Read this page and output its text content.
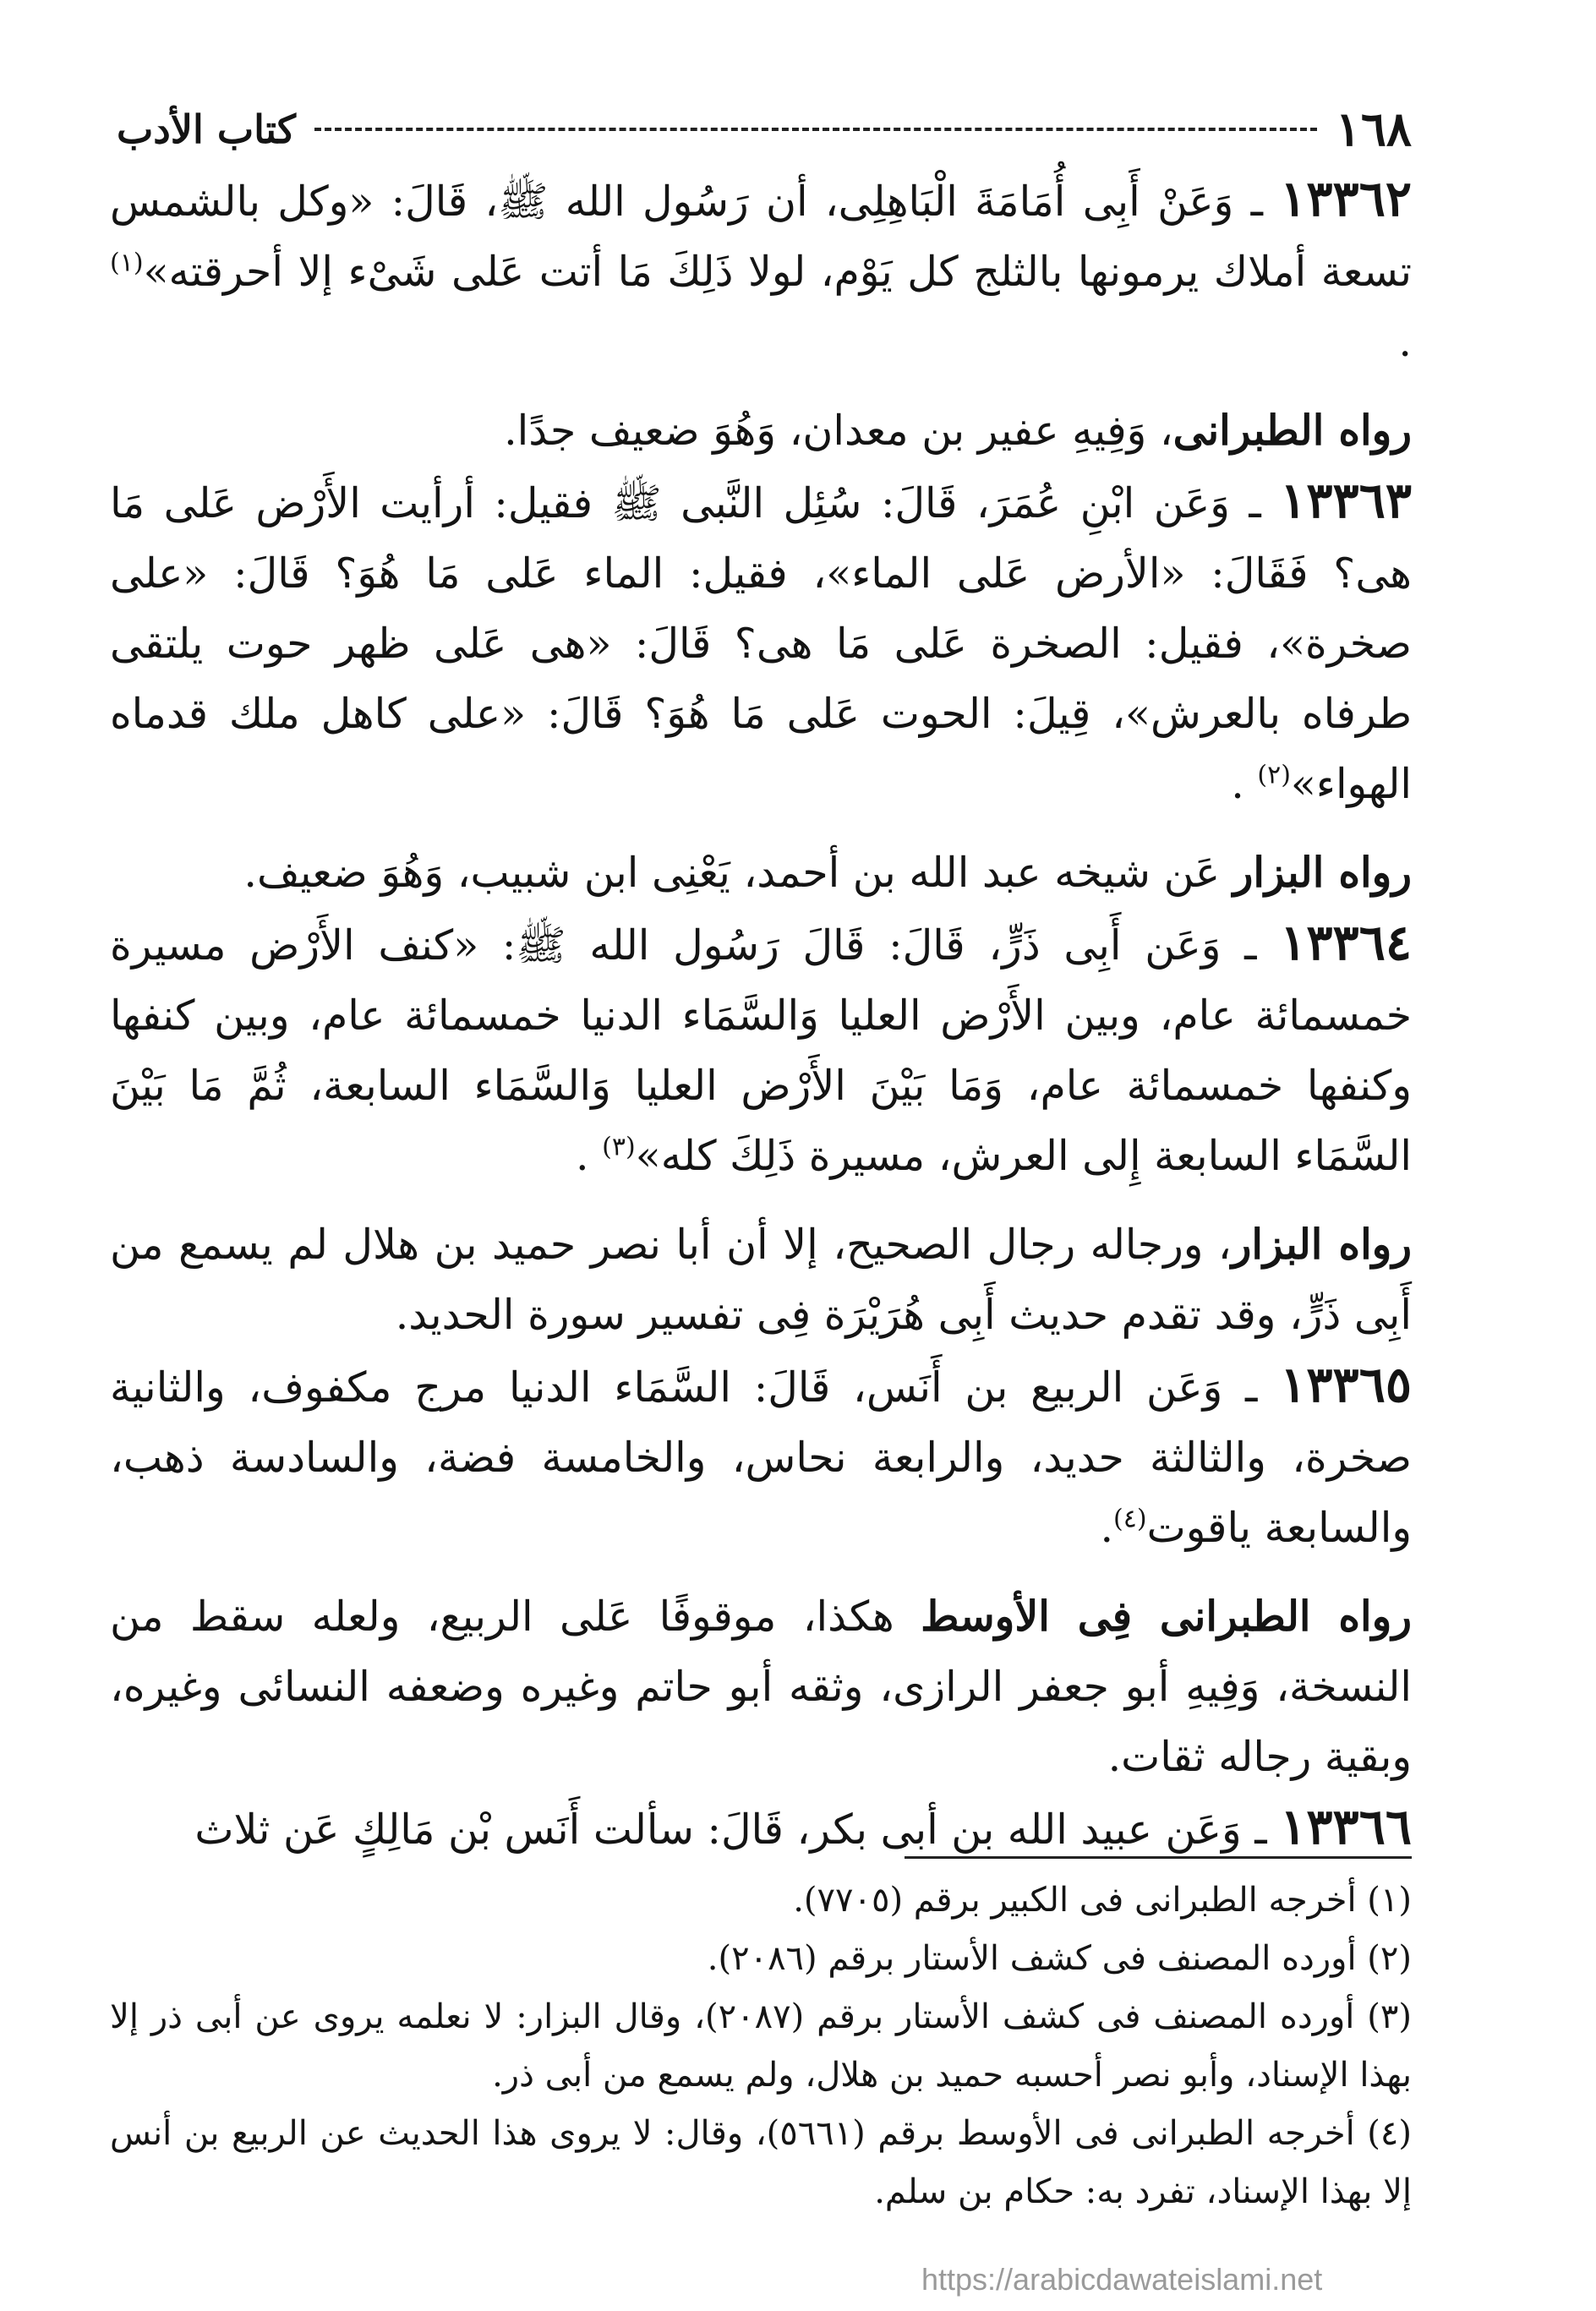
١٦٨
كتاب الأدب

١٣٣٦٢ ـ وَعَنْ أَبِى أُمَامَةَ الْبَاهِلِى، أن رَسُول الله ﷺ، قَالَ: «وكل بالشمس تسعة أملاك يرمونها بالثلج كل يَوْم، لولا ذَلِكَ مَا أتت عَلى شَىْء إلا أحرقته»$^{(١)}$ .

رواه الطبرانى، وَفِيهِ عفير بن معدان، وَهُوَ ضعيف جدًا.

١٣٣٦٣ ـ وَعَن ابْنِ عُمَرَ، قَالَ: سُئِل النَّبى ﷺ فقيل: أرأيت الأَرْض عَلى مَا هى؟ فَقَالَ: «الأرض عَلى الماء»، فقيل: الماء عَلى مَا هُوَ؟ قَالَ: «على صخرة»، فقيل: الصخرة عَلى مَا هى؟ قَالَ: «هى عَلى ظهر حوت يلتقى طرفاه بالعرش»، قِيلَ: الحوت عَلى مَا هُوَ؟ قَالَ: «على كاهل ملك قدماه الهواء»$^{(٢)}$ .

رواه البزار عَن شيخه عبد الله بن أحمد، يَعْنِى ابن شبيب، وَهُوَ ضعيف.

١٣٣٦٤ ـ وَعَن أَبِى ذَرٍّ، قَالَ: قَالَ رَسُول الله ﷺ: «كنف الأَرْض مسيرة خمسمائة عام، وبين الأَرْض العليا وَالسَّمَاء الدنيا خمسمائة عام، وبين كنفها وكنفها خمسمائة عام، وَمَا بَيْنَ الأَرْض العليا وَالسَّمَاء السابعة، ثُمَّ مَا بَيْنَ السَّمَاء السابعة إِلى العرش، مسيرة ذَلِكَ كله»$^{(٣)}$ .

رواه البزار، ورجاله رجال الصحيح، إلا أن أبا نصر حميد بن هلال لم يسمع من أَبِى ذَرٍّ، وقد تقدم حديث أَبِى هُرَيْرَة فِى تفسير سورة الحديد.

١٣٣٦٥ ـ وَعَن الربيع بن أَنَس، قَالَ: السَّمَاء الدنيا مرج مكفوف، والثانية صخرة، والثالثة حديد، والرابعة نحاس، والخامسة فضة، والسادسة ذهب، والسابعة ياقوت$^{(٤)}$.

رواه الطبرانى فِى الأوسط هكذا، موقوفًا عَلى الربيع، ولعله سقط من النسخة، وَفِيهِ أبو جعفر الرازى، وثقه أبو حاتم وغيره وضعفه النسائى وغيره، وبقية رجاله ثقات.

١٣٣٦٦ ـ وَعَن عبيد الله بن أبى بكر، قَالَ: سألت أَنَس بْن مَالِكٍ عَن ثلاث

(١) أخرجه الطبرانى فى الكبير برقم (٧٧٠٥).

(٢) أورده المصنف فى كشف الأستار برقم (٢٠٨٦).

(٣) أورده المصنف فى كشف الأستار برقم (٢٠٨٧)، وقال البزار: لا نعلمه يروى عن أبى ذر إلا بهذا الإسناد، وأبو نصر أحسبه حميد بن هلال، ولم يسمع من أبى ذر.

(٤) أخرجه الطبرانى فى الأوسط برقم (٥٦٦١)، وقال: لا يروى هذا الحديث عن الربيع بن أنس إلا بهذا الإسناد، تفرد به: حكام بن سلم.

https://arabicdawateislami.net
